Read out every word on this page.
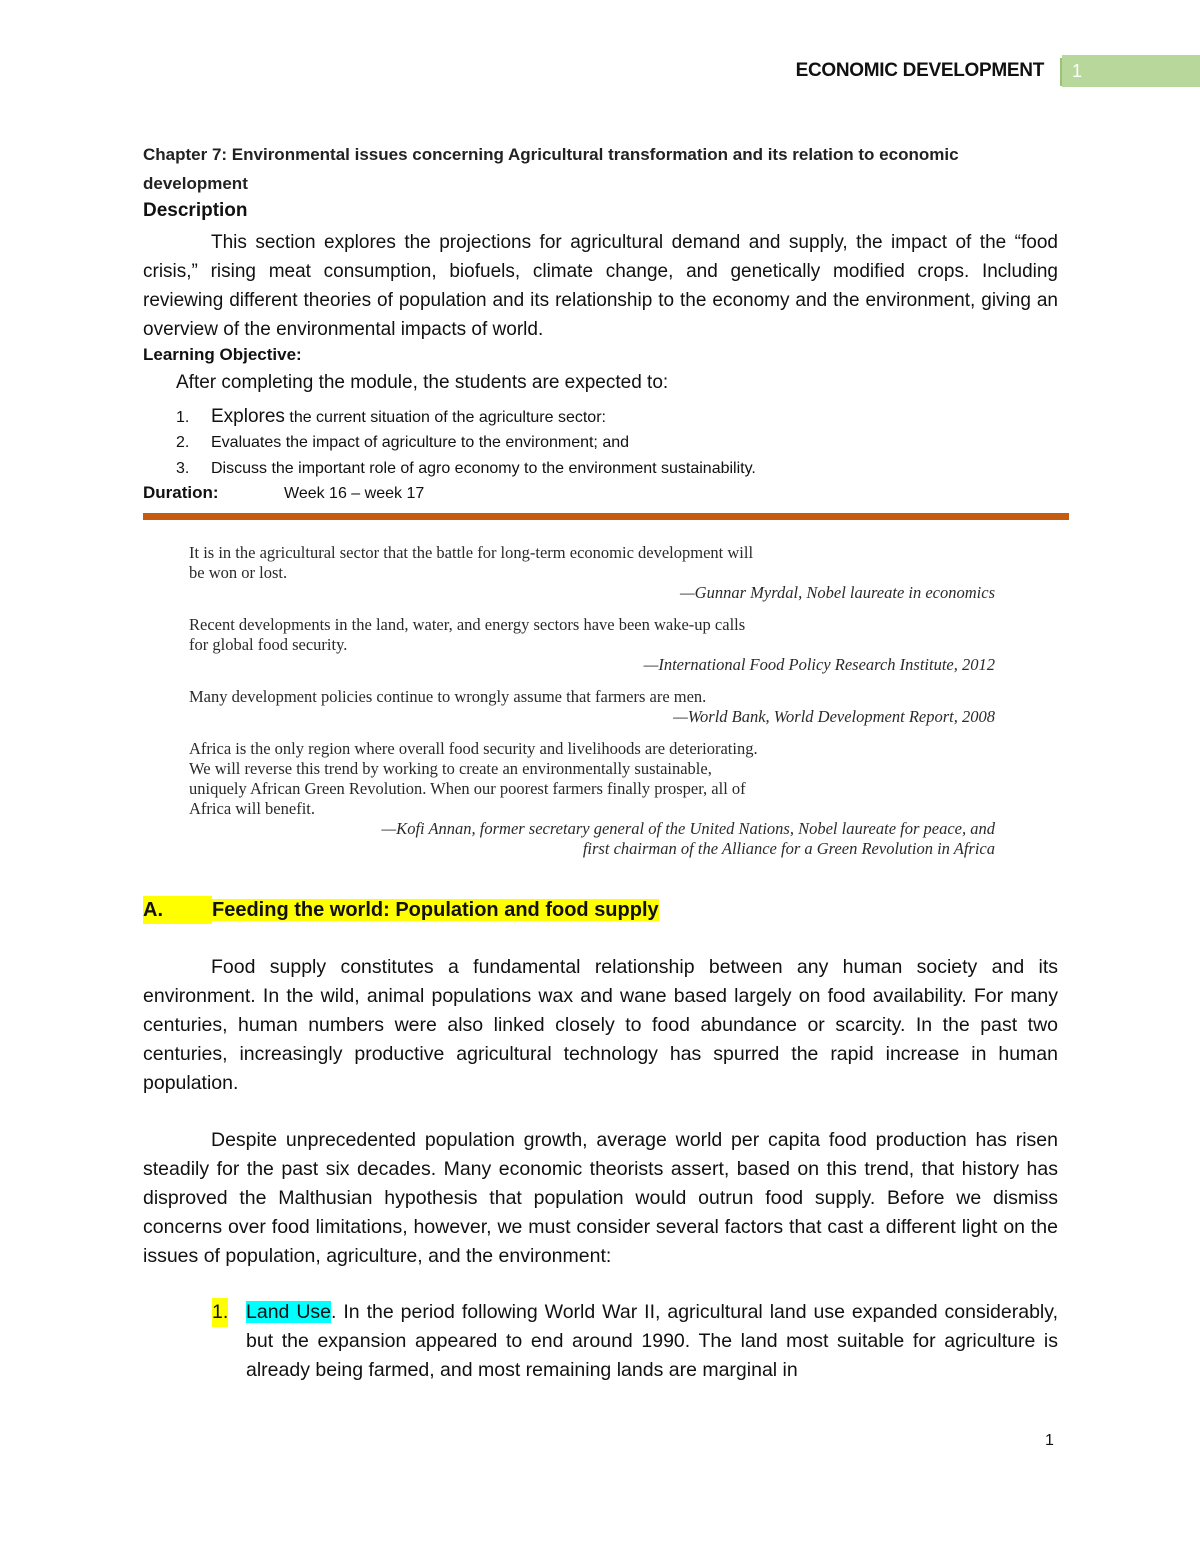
ECONOMIC DEVELOPMENT	1
Chapter 7: Environmental issues concerning Agricultural transformation and its relation to economic development
Description
This section explores the projections for agricultural demand and supply, the impact of the “food crisis,” rising meat consumption, biofuels, climate change, and genetically modified crops. Including reviewing different theories of population and its relationship to the economy and the environment, giving an overview of the environmental impacts of world.
Learning Objective:
After completing the module, the students are expected to:
1. Explores the current situation of the agriculture sector:
2. Evaluates the impact of agriculture to the environment; and
3. Discuss the important role of agro economy to the environment sustainability.
Duration:	Week 16 – week 17

It is in the agricultural sector that the battle for long-term economic development will

be won or lost.

—Gunnar Myrdal, Nobel laureate in economics

Recent developments in the land, water, and energy sectors have been wake-up calls

for global food security.

—International Food Policy Research Institute, 2012

Many development policies continue to wrongly assume that farmers are men.

—World Bank, World Development Report, 2008

Africa is the only region where overall food security and livelihoods are deteriorating.

We will reverse this trend by working to create an environmentally sustainable,

uniquely African Green Revolution. When our poorest farmers finally prosper, all of

Africa will benefit.

—Kofi Annan, former secretary general of the United Nations, Nobel laureate for peace, and

first chairman of the Alliance for a Green Revolution in Africa

A. Feeding the world: Population and food supply
Food supply constitutes a fundamental relationship between any human society and its environment. In the wild, animal populations wax and wane based largely on food availability. For many centuries, human numbers were also linked closely to food abundance or scarcity. In the past two centuries, increasingly productive agricultural technology has spurred the rapid increase in human population.
Despite unprecedented population growth, average world per capita food production has risen steadily for the past six decades. Many economic theorists assert, based on this trend, that history has disproved the Malthusian hypothesis that population would outrun food supply. Before we dismiss concerns over food limitations, however, we must consider several factors that cast a different light on the issues of population, agriculture, and the environment:
1. Land Use. In the period following World War II, agricultural land use expanded considerably, but the expansion appeared to end around 1990. The land most suitable for agriculture is already being farmed, and most remaining lands are marginal in
1
